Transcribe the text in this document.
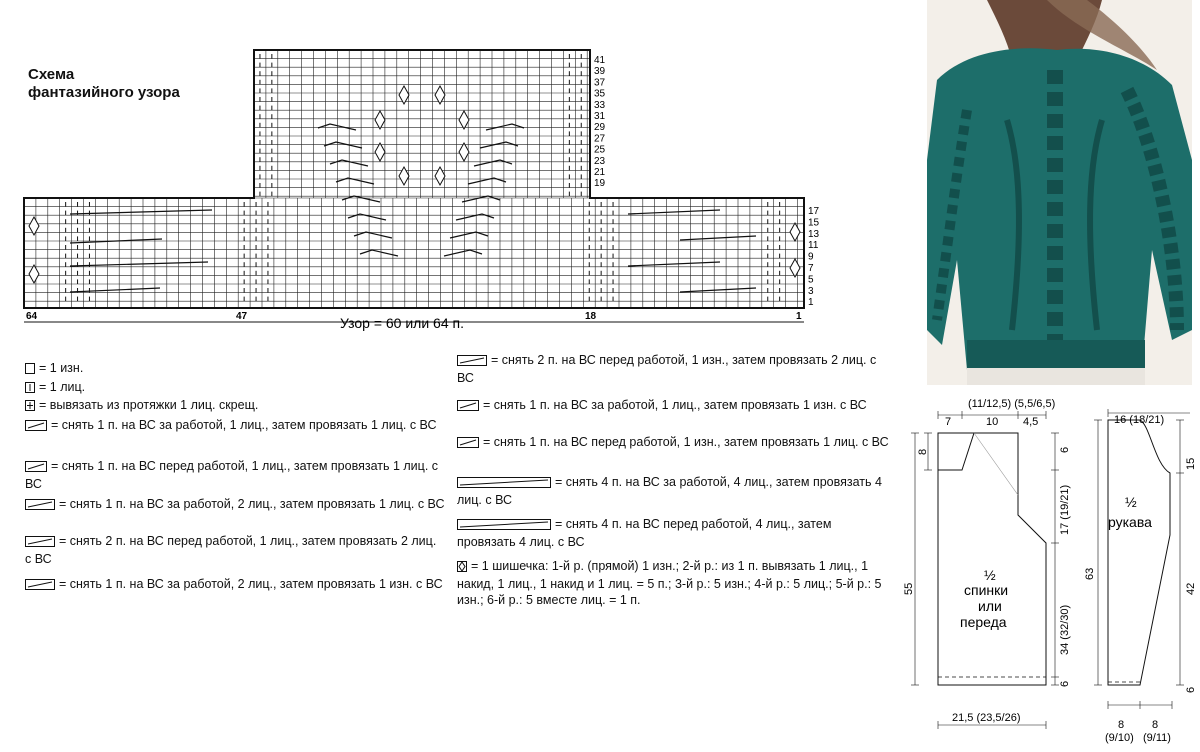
Схема
фантазийного узора
41
39
37
35
33
31
29
27
25
23
21
19
17
15
13
11
9
7
5
3
1
64	47	18	1
Узор = 60 или 64 п.
= 1 изн.
= 1 лиц.
= вывязать из протяжки 1 лиц. скрещ.
= снять 1 п. на ВС за работой, 1 лиц., затем провязать 1 лиц. с ВС
= снять 1 п. на ВС перед работой, 1 лиц., затем провязать 1 лиц. с ВС
= снять 1 п. на ВС за работой, 2 лиц., затем провязать 1 лиц. с ВС
= снять 2 п. на ВС перед работой, 1 лиц., затем провязать 2 лиц. с ВС
= снять 1 п. на ВС за работой, 2 лиц., затем провязать 1 изн. с ВС
= снять 2 п. на ВС перед работой, 1 изн., затем провязать 2 лиц. с ВС
= снять 1 п. на ВС за работой, 1 лиц., затем провязать 1 изн. с ВС
= снять 1 п. на ВС перед работой, 1 изн., затем провязать 1 лиц. с ВС
= снять 4 п. на ВС за работой, 4 лиц., затем провязать 4 лиц. с ВС
= снять 4 п. на ВС перед работой, 4 лиц., затем провязать 4 лиц. с ВС
= 1 шишечка: 1-й р. (прямой) 1 изн.; 2-й р.: из 1 п. вывязать 1 лиц., 1 накид, 1 лиц., 1 накид и 1 лиц. = 5 п.; 3-й р.: 5 изн.; 4-й р.: 5 лиц.; 5-й р.: 5 изн.; 6-й р.: 5 вместе лиц. = 1 п.
(11/12,5) (5,5/6,5)
7	10 4,5
8
55
6
17 (19/21)
34 (32/30)
6
21,5 (23,5/26)
½
спинки
или
переда
16 (18/21)
15
63
42
6
½
рукава
8
(9/10)
8
(9/11)
